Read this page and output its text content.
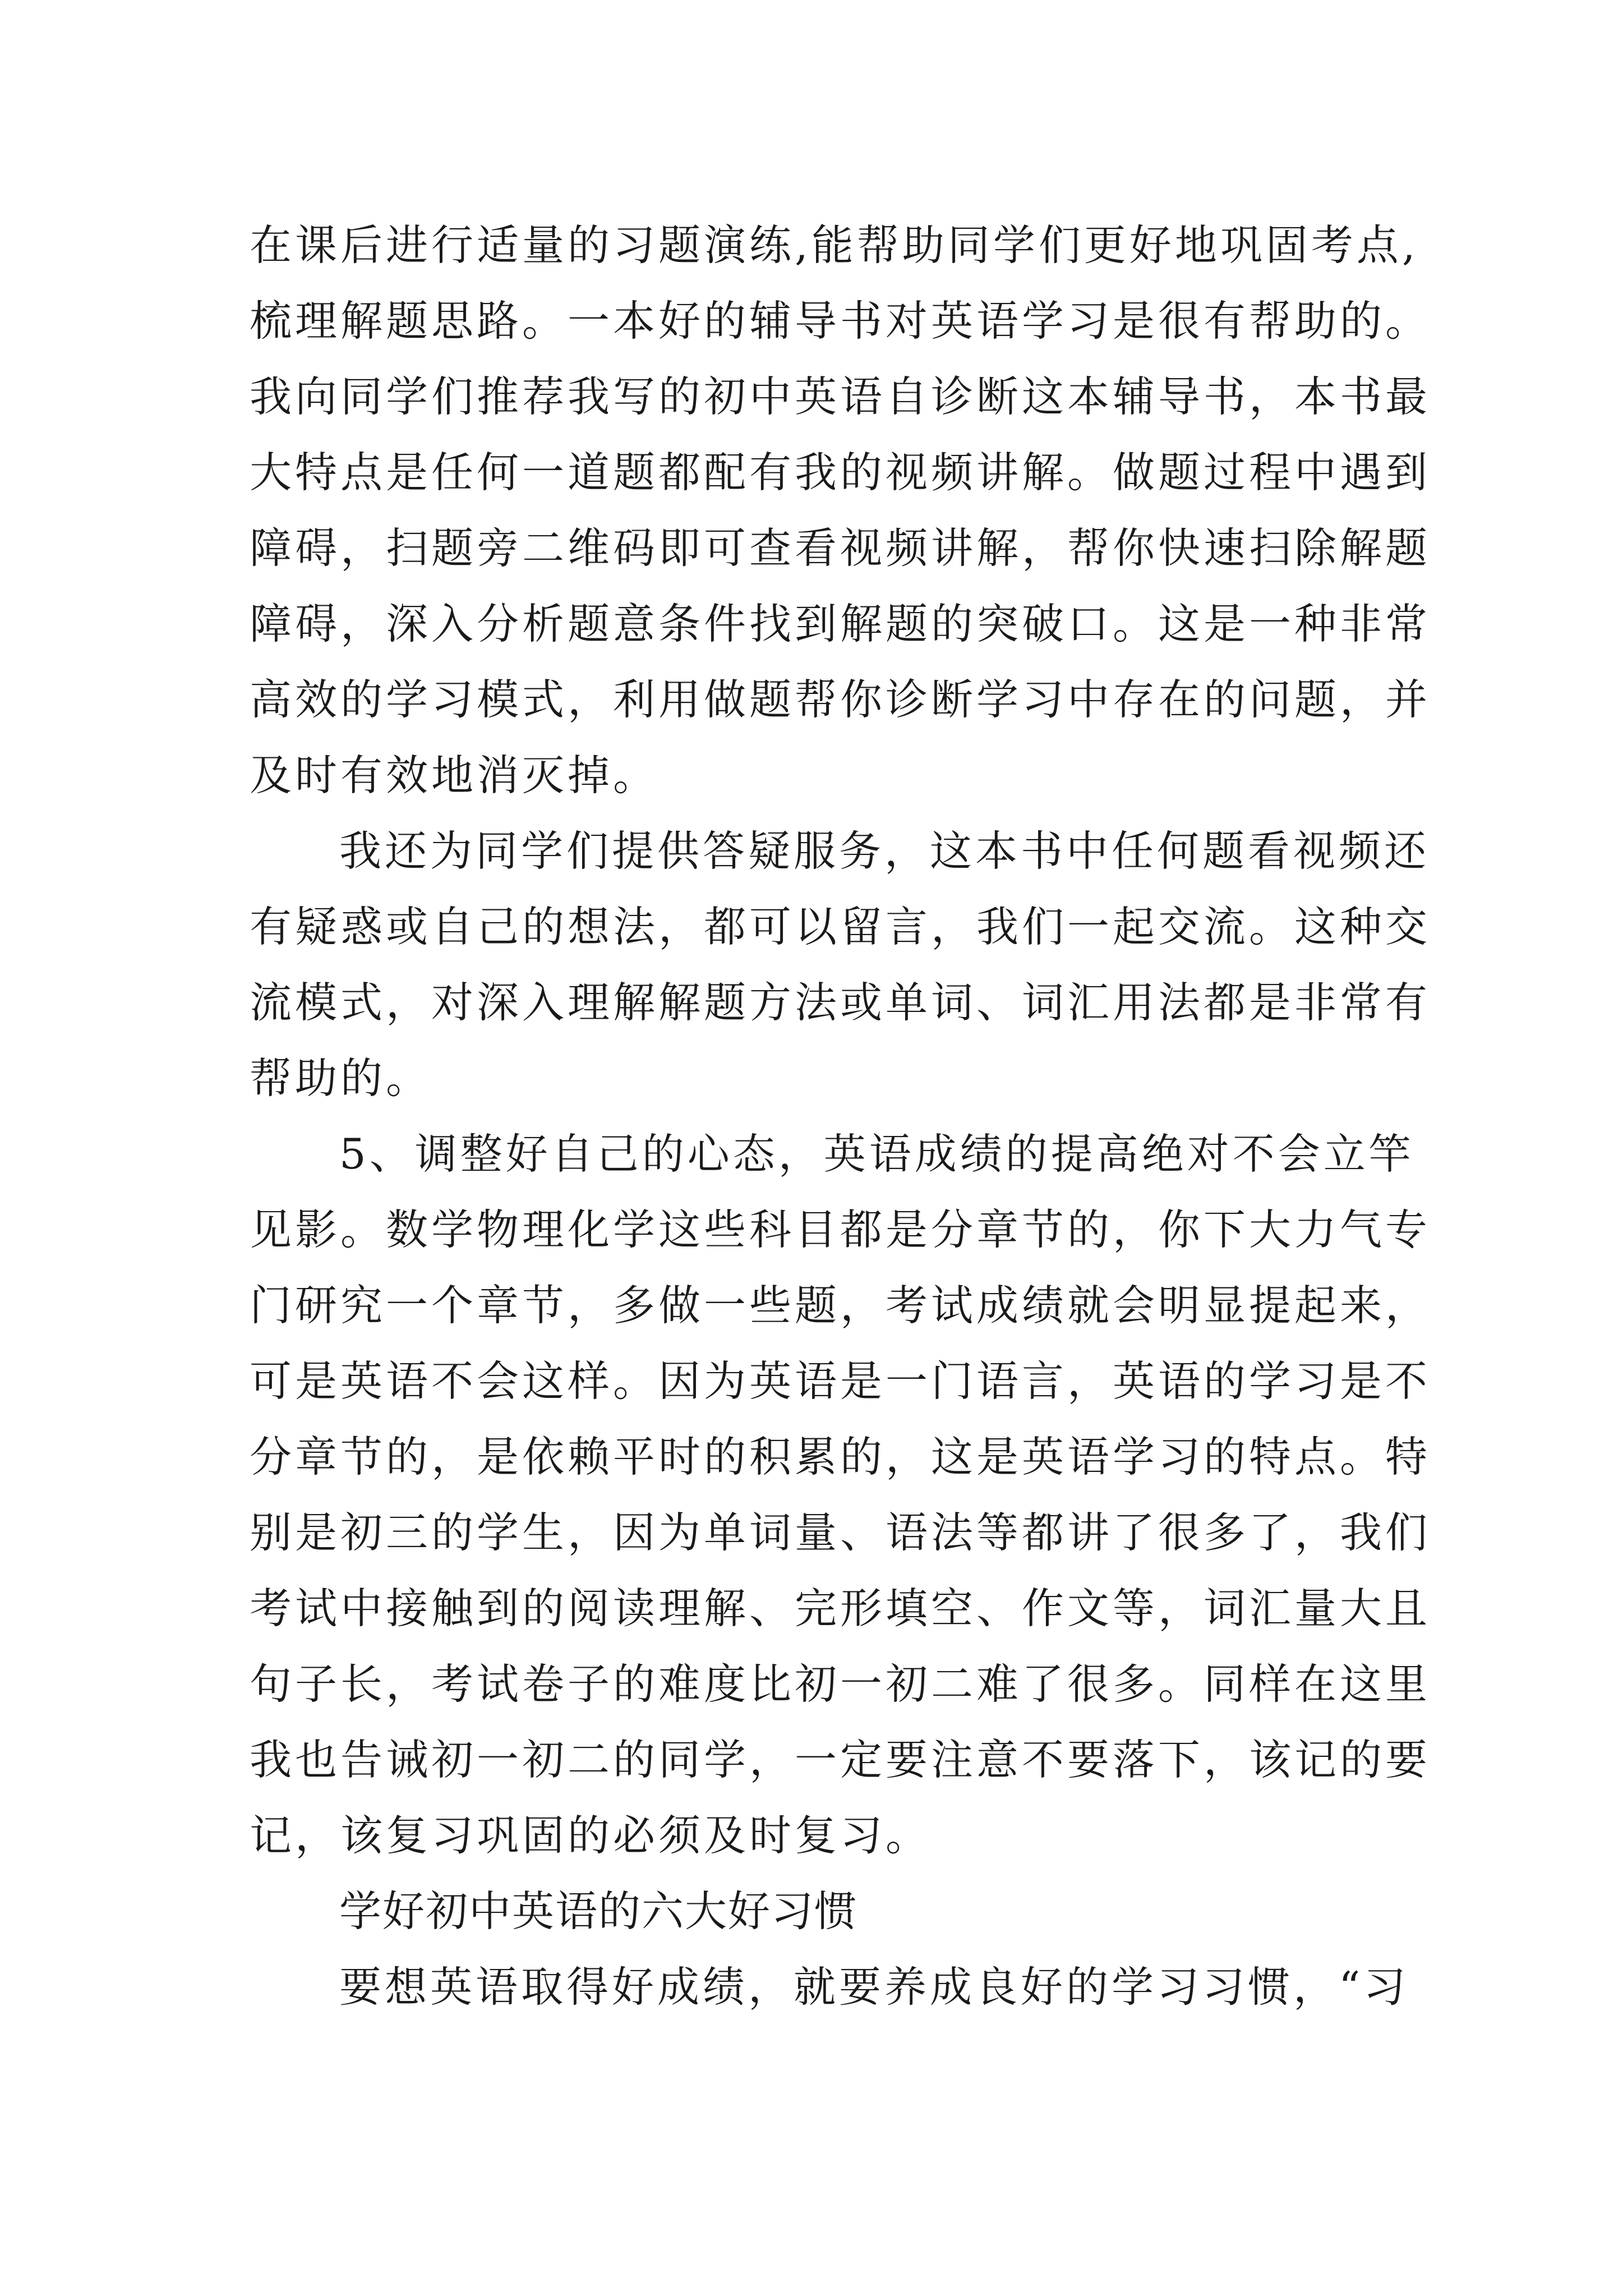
在课后进行适量的习题演练,能帮助同学们更好地巩固考点,
梳理解题思路。一本好的辅导书对英语学习是很有帮助的。
我向同学们推荐我写的初中英语自诊断这本辅导书，本书最
大特点是任何一道题都配有我的视频讲解。做题过程中遇到
障碍，扫题旁二维码即可查看视频讲解，帮你快速扫除解题
障碍，深入分析题意条件找到解题的突破口。这是一种非常
高效的学习模式，利用做题帮你诊断学习中存在的问题，并
及时有效地消灭掉。
我还为同学们提供答疑服务，这本书中任何题看视频还
有疑惑或自己的想法，都可以留言，我们一起交流。这种交
流模式，对深入理解解题方法或单词、词汇用法都是非常有
帮助的。
5、调整好自己的心态，英语成绩的提高绝对不会立竿
见影。数学物理化学这些科目都是分章节的，你下大力气专
门研究一个章节，多做一些题，考试成绩就会明显提起来，
可是英语不会这样。因为英语是一门语言，英语的学习是不
分章节的，是依赖平时的积累的，这是英语学习的特点。特
别是初三的学生，因为单词量、语法等都讲了很多了，我们
考试中接触到的阅读理解、完形填空、作文等，词汇量大且
句子长，考试卷子的难度比初一初二难了很多。同样在这里
我也告诫初一初二的同学，一定要注意不要落下，该记的要
记，该复习巩固的必须及时复习。
学好初中英语的六大好习惯
要想英语取得好成绩，就要养成良好的学习习惯，“习
